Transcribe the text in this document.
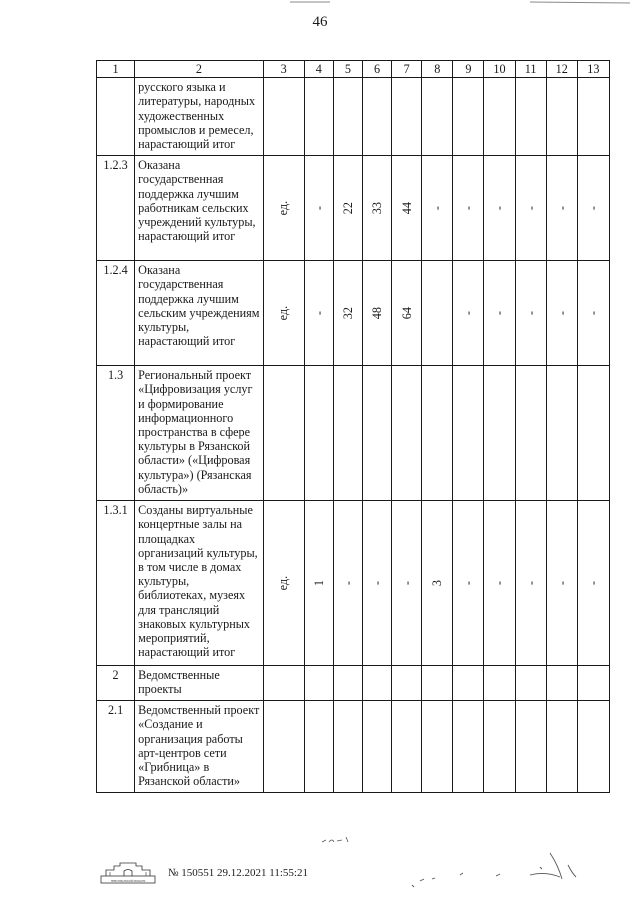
46
1	2	3	4	5	6	7	8	9	10	11	12	13
	русского языка и литературы, народных художественных промыслов и ремесел, нарастающий итог											
1.2.3	Оказана государственная поддержка лучшим работникам сельских учреждений культуры, нарастающий итог	ед.	-	22	33	44	-	-	-	-	-	-
1.2.4	Оказана государственная поддержка лучшим сельским учреждениям культуры, нарастающий итог	ед.	-	32	48	64		-	-	-	-	-
1.3	Региональный проект «Цифровизация услуг и формирование информационного пространства в сфере культуры в Рязанской области» («Цифровая культура») (Рязанская область)»											
1.3.1	Созданы виртуальные концертные залы на площадках организаций культуры, в том числе в домах культуры, библиотеках, музеях для трансляций знаковых культурных мероприятий, нарастающий итог	ед.	1	-	-	-	3	-	-	-	-	-
2	Ведомственные проекты											
2.1	Ведомственный проект «Создание и организация работы арт-центров сети «Грибница» в Рязанской области»											
ГЕРБ РЯЗАНСКОЙ ОБЛАСТИ
№ 150551 29.12.2021 11:55:21
